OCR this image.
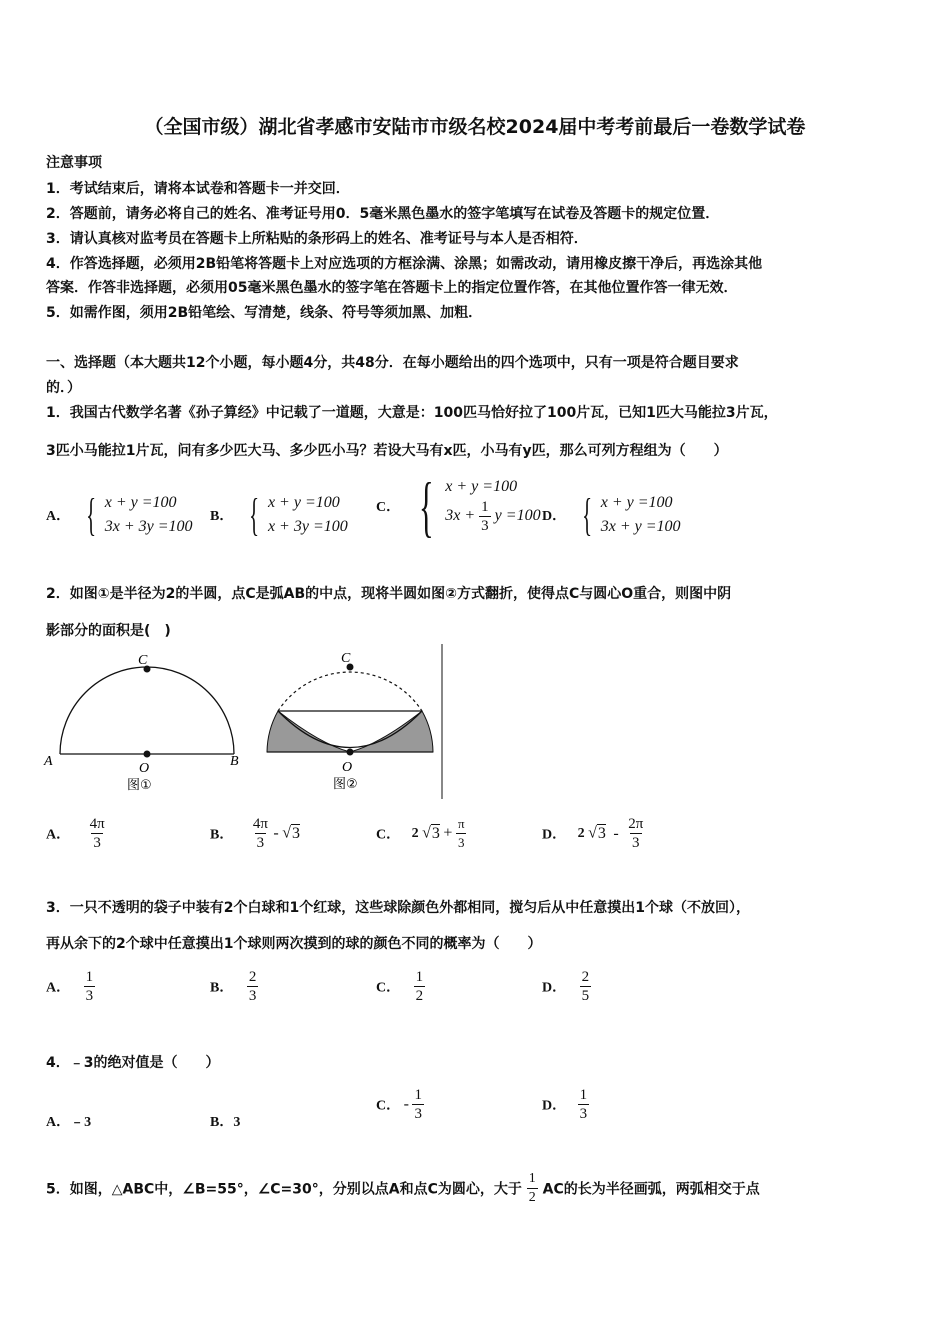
（全国市级）湖北省孝感市安陆市市级名校2024届中考考前最后一卷数学试卷
注意事项
1．考试结束后，请将本试卷和答题卡一并交回．
2．答题前，请务必将自己的姓名、准考证号用0．5毫米黑色墨水的签字笔填写在试卷及答题卡的规定位置．
3．请认真核对监考员在答题卡上所粘贴的条形码上的姓名、准考证号与本人是否相符．
4．作答选择题，必须用2B铅笔将答题卡上对应选项的方框涂满、涂黑；如需改动，请用橡皮擦干净后，再选涂其他
答案．作答非选择题，必须用05毫米黑色墨水的签字笔在答题卡上的指定位置作答，在其他位置作答一律无效．
5．如需作图，须用2B铅笔绘、写清楚，线条、符号等须加黑、加粗．
一、选择题（本大题共12个小题，每小题4分，共48分．在每小题给出的四个选项中，只有一项是符合题目要求
的．）
1．我国古代数学名著《孙子算经》中记载了一道题，大意是：100匹马恰好拉了100片瓦，已知1匹大马能拉3片瓦，
3匹小马能拉1片瓦，问有多少匹大马、多少匹小马？若设大马有x匹，小马有y匹，那么可列方程组为（　　）
A． { x + y =100
3x + 3y =100
B． { x + y =100
x + 3y =100
C． { x + y =100
$3x + \frac{1}{3}$ y =100 D． { x + y =100
3x + y =100
2．如图①是半径为2的半圆，点C是弧AB的中点，现将半圆如图②方式翻折，使得点C与圆心O重合，则图中阴
影部分的面积是(　)
C
A	O	B
图①
C
O
图②
A． $\frac{4\pi}{3}$	B． $\frac{4\pi}{3} - √3$	C． 2 $√3 + \frac{\pi}{3}$	D． 2 $√3 - \frac{2\pi}{3}$
3．一只不透明的袋子中装有2个白球和1个红球，这些球除颜色外都相同，搅匀后从中任意摸出1个球（不放回），
再从余下的2个球中任意摸出1个球则两次摸到的球的颜色不同的概率为（　　）
A． $\frac{1}{3}$	B． $\frac{2}{3}$	C． $\frac{1}{2}$	D． $\frac{2}{5}$
4．﹣3的绝对值是（　　）
A．﹣3	B．3
C． - $\frac{1}{3}$	D． $\frac{1}{3}$
5．如图，△ABC中，∠B=55°，∠C=30°，分别以点A和点C为圆心，大于 $\frac{1}{2}$ AC的长为半径画弧，两弧相交于点
